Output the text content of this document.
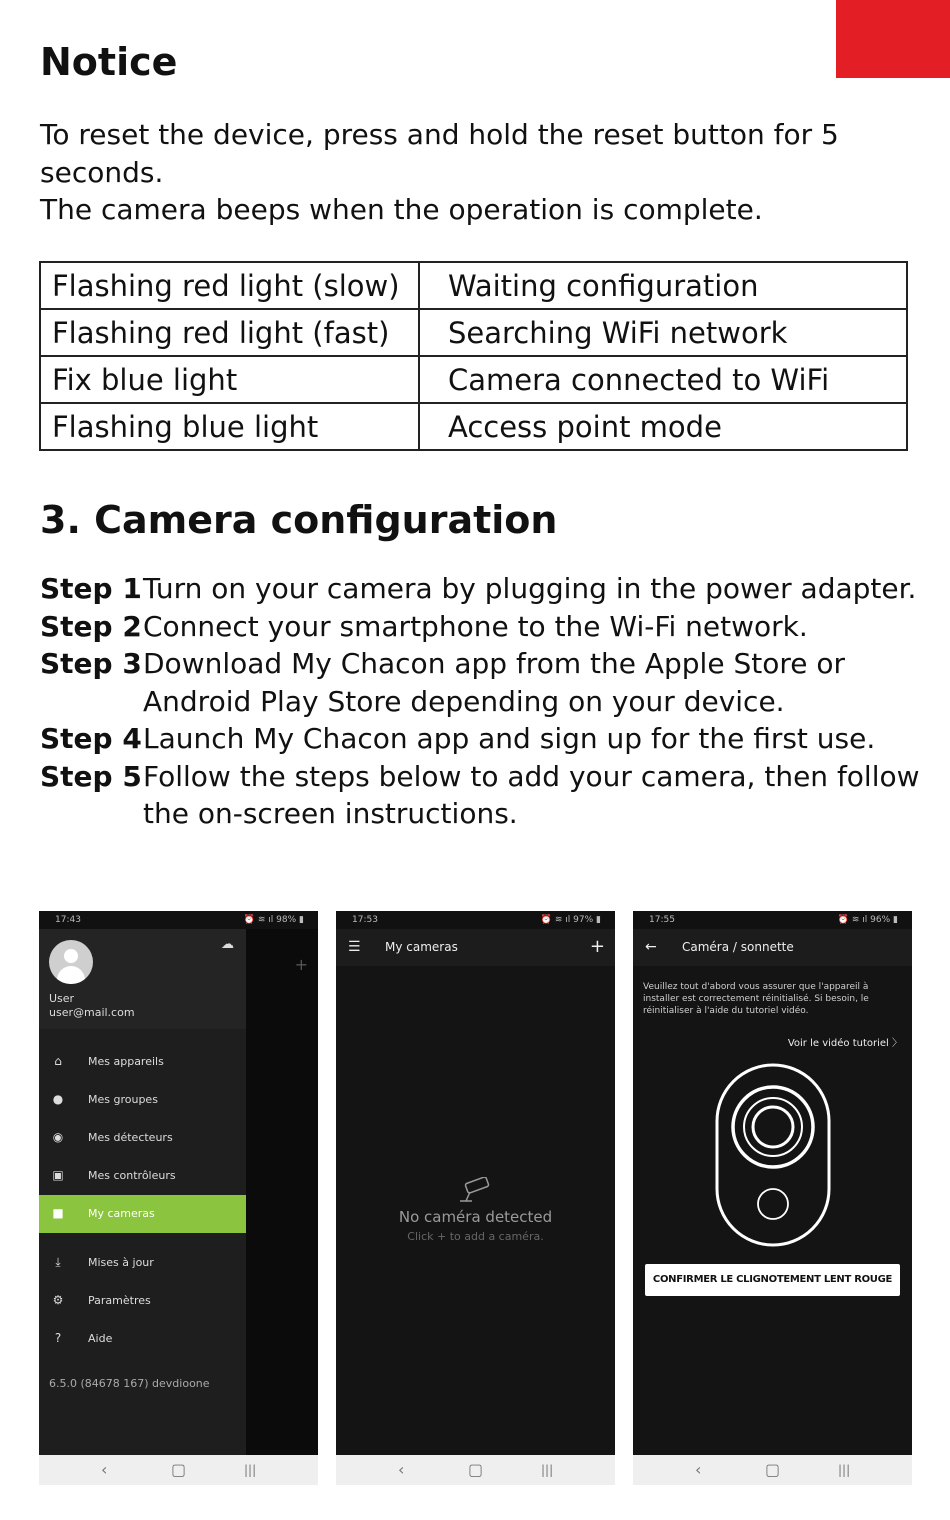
Notice

To reset the device, press and hold the reset button for 5 seconds.

The camera beeps when the operation is complete.

Flashing red light (slow)	Waiting configuration
Flashing red light (fast)	Searching WiFi network
Fix blue light	Camera connected to WiFi
Flashing blue light	Access point mode
3. Camera configuration
Step 1 Turn on your camera by plugging in the power adapter.
Step 2 Connect your smartphone to the Wi-Fi network.
Step 3 Download My Chacon app from the Apple Store or Android Play Store depending on your device.
Step 4 Launch My Chacon app and sign up for the first use.
Step 5 Follow the steps below to add your camera, then follow the on-screen instructions.
17:43	⏰ ≋ ıl 98% ▮
+
☁
User
user@mail.com
⌂	Mes appareils
● Mes groupes
◉ Mes détecteurs
▣ Mes contrôleurs
■ My cameras
⤓	Mises à jour
⚙ Paramètres
?	Aide
6.5.0 (84678 167) devdioone
‹	▢	|||
17:53	⏰ ≋ ıl 97% ▮
☰ My cameras	+
No caméra detected
Click + to add a caméra.
‹	▢	|||
17:55	⏰ ≋ ıl 96% ▮
← Caméra / sonnette
Veuillez tout d'abord vous assurer que l'appareil à installer est correctement réinitialisé. Si besoin, le réinitialiser à l'aide du tutoriel vidéo.
Voir le vidéo tutoriel 〉
CONFIRMER LE CLIGNOTEMENT LENT ROUGE
‹	▢	|||
